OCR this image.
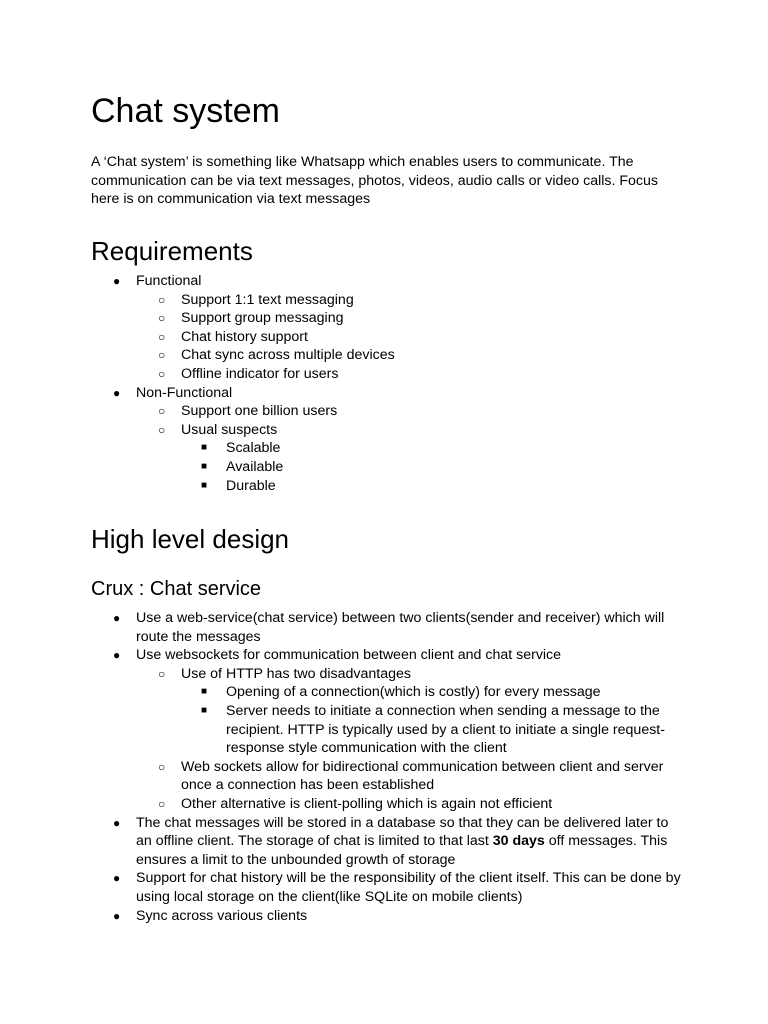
Chat system

A ‘Chat system’ is something like Whatsapp which enables users to communicate. The communication can be via text messages, photos, videos, audio calls or video calls. Focus here is on communication via text messages

Requirements
●	Functional
○	Support 1:1 text messaging
○	Support group messaging
○	Chat history support
○	Chat sync across multiple devices
○	Offline indicator for users
●	Non-Functional
○	Support one billion users
○	Usual suspects
■	Scalable
■	Available
■	Durable
High level design
Crux : Chat service
●	Use a web-service(chat service) between two clients(sender and receiver) which will route the messages
●	Use websockets for communication between client and chat service
○	Use of HTTP has two disadvantages
■	Opening of a connection(which is costly) for every message
■	Server needs to initiate a connection when sending a message to the recipient. HTTP is typically used by a client to initiate a single request-response style communication with the client
○	Web sockets allow for bidirectional communication between client and server once a connection has been established
○	Other alternative is client-polling which is again not efficient
●	The chat messages will be stored in a database so that they can be delivered later to an offline client. The storage of chat is limited to that last 30 days off messages. This ensures a limit to the unbounded growth of storage
●	Support for chat history will be the responsibility of the client itself. This can be done by using local storage on the client(like SQLite on mobile clients)
●	Sync across various clients
